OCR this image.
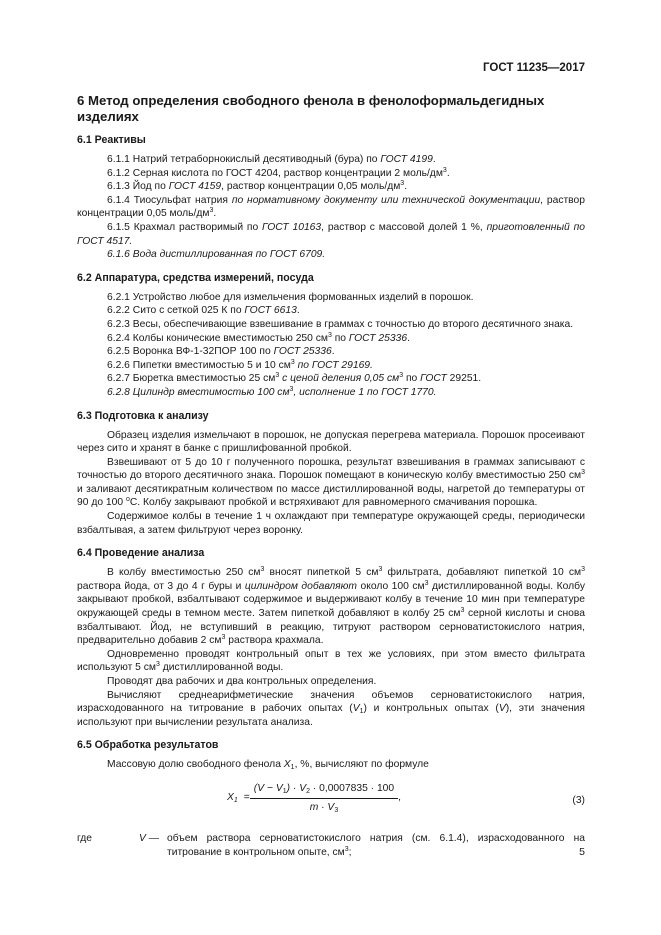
ГОСТ 11235—2017
6 Метод определения свободного фенола в фенолоформальдегидных изделиях
6.1 Реактивы

6.1.1 Натрий тетраборнокислый десятиводный (бура) по ГОСТ 4199.

6.1.2 Серная кислота по ГОСТ 4204, раствор концентрации 2 моль/$дм^3$.

6.1.3 Йод по ГОСТ 4159, раствор концентрации 0,05 моль/$дм^3$.

6.1.4 Тиосульфат натрия по нормативному документу или технической документации, раствор концентрации 0,05 моль/$дм^3$.

6.1.5 Крахмал растворимый по ГОСТ 10163, раствор с массовой долей 1 %, приготовленный по ГОСТ 4517.

6.1.6 Вода дистиллированная по ГОСТ 6709.

6.2 Аппаратура, средства измерений, посуда

6.2.1 Устройство любое для измельчения формованных изделий в порошок.

6.2.2 Сито с сеткой 025 К по ГОСТ 6613.

6.2.3 Весы, обеспечивающие взвешивание в граммах с точностью до второго десятичного знака.

6.2.4 Колбы конические вместимостью 250 $см^3$ по ГОСТ 25336.

6.2.5 Воронка ВФ-1-32ПОР 100 по ГОСТ 25336.

6.2.6 Пипетки вместимостью 5 и 10 $см^3$ по ГОСТ 29169.

6.2.7 Бюретка вместимостью 25 $см^3$ с ценой деления 0,05 $см^3$ по ГОСТ 29251.

6.2.8 Цилиндр вместимостью 100 $см^3$, исполнение 1 по ГОСТ 1770.

6.3 Подготовка к анализу

Образец изделия измельчают в порошок, не допуская перегрева материала. Порошок просеивают через сито и хранят в банке с пришлифованной пробкой.

Взвешивают от 5 до 10 г полученного порошка, результат взвешивания в граммах записывают с точностью до второго десятичного знака. Порошок помещают в коническую колбу вместимостью 250 $см^3$ и заливают десятикратным количеством по массе дистиллированной воды, нагретой до температуры от 90 до 100 $^о$С. Колбу закрывают пробкой и встряхивают для равномерного смачивания порошка.

Содержимое колбы в течение 1 ч охлаждают при температуре окружающей среды, периодически взбалтывая, а затем фильтруют через воронку.

6.4 Проведение анализа

В колбу вместимостью 250 $см^3$ вносят пипеткой 5 $см^3$ фильтрата, добавляют пипеткой 10 $см^3$ раствора йода, от 3 до 4 г буры и цилиндром добавляют около 100 $см^3$ дистиллированной воды. Колбу закрывают пробкой, взбалтывают содержимое и выдерживают колбу в течение 10 мин при температуре окружающей среды в темном месте. Затем пипеткой добавляют в колбу 25 $см^3$ серной кислоты и снова взбалтывают. Йод, не вступивший в реакцию, титруют раствором серноватистокислого натрия, предварительно добавив 2 $см^3$ раствора крахмала.

Одновременно проводят контрольный опыт в тех же условиях, при этом вместо фильтрата используют 5 $см^3$ дистиллированной воды.

Проводят два рабочих и два контрольных определения.

Вычисляют среднеарифметические значения объемов серноватистокислого натрия, израсходованного на титрование в рабочих опытах $(V_1)$ и контрольных опытах (V), эти значения используют при вычислении результата анализа.

6.5 Обработка результатов

Массовую долю свободного фенола $X_1$, %, вычисляют по формуле

$X_1 = \frac{(V - V_1) \cdot V_2 \cdot 0,0007835 \cdot 100}{m \cdot V_3}$ ,	(3)
где	V — объем раствора серноватистокислого натрия (см. 6.1.4), израсходованного на титрование в контрольном опыте, $см^3$;	5
